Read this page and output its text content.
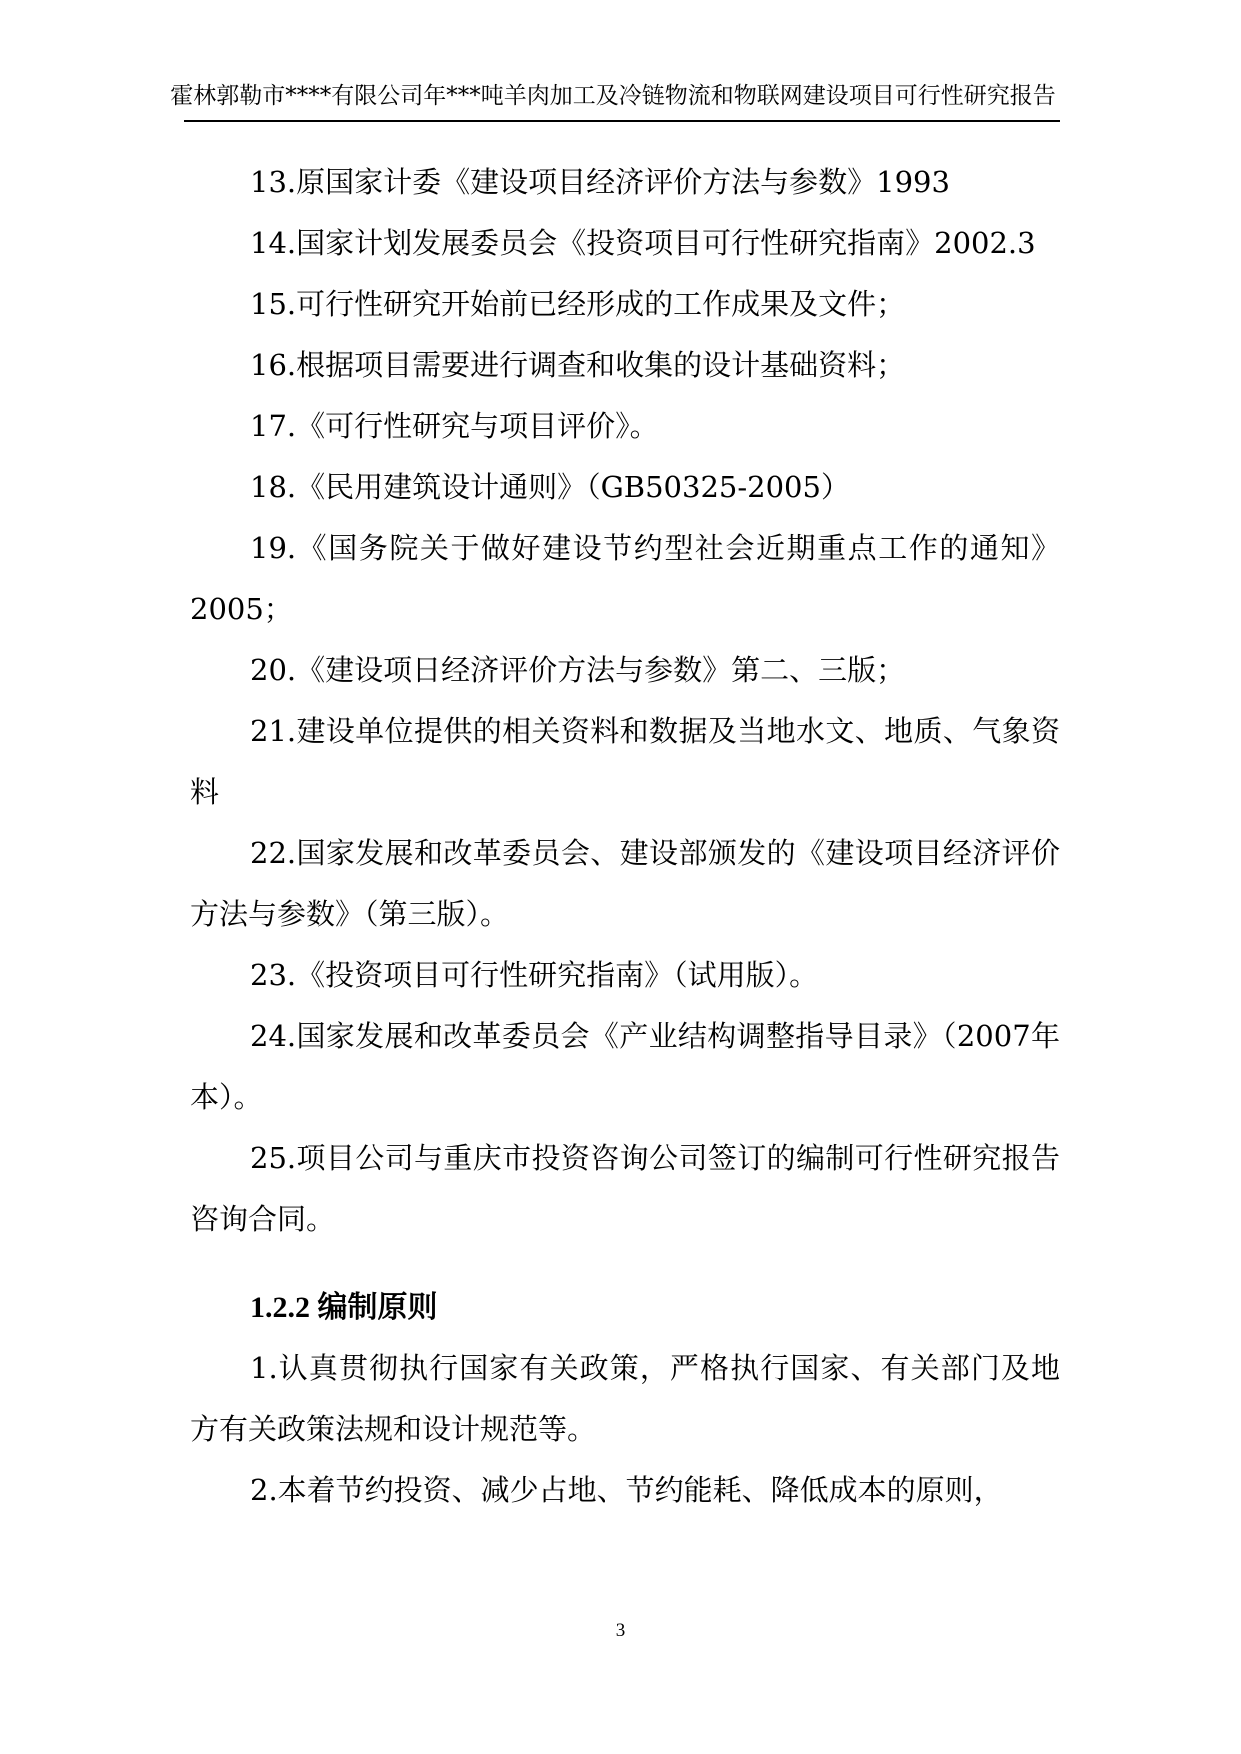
霍林郭勒市****有限公司年***吨羊肉加工及冷链物流和物联网建设项目可行性研究报告

13.原国家计委《建设项目经济评价方法与参数》1993

14.国家计划发展委员会《投资项目可行性研究指南》2002.3

15.可行性研究开始前已经形成的工作成果及文件；

16.根据项目需要进行调查和收集的设计基础资料；

17.《可行性研究与项目评价》。

18.《民用建筑设计通则》（GB50325-2005）

19.《国务院关于做好建设节约型社会近期重点工作的通知》2005；

20.《建设项日经济评价方法与参数》第二、三版；

21.建设单位提供的相关资料和数据及当地水文、地质、气象资料

22.国家发展和改革委员会、建设部颁发的《建设项目经济评价方法与参数》（第三版）。

23.《投资项目可行性研究指南》（试用版）。

24.国家发展和改革委员会《产业结构调整指导目录》（2007年本）。

25.项目公司与重庆市投资咨询公司签订的编制可行性研究报告咨询合同。

1.2.2 编制原则

1.认真贯彻执行国家有关政策，严格执行国家、有关部门及地方有关政策法规和设计规范等。

2.本着节约投资、减少占地、节约能耗、降低成本的原则，

3
